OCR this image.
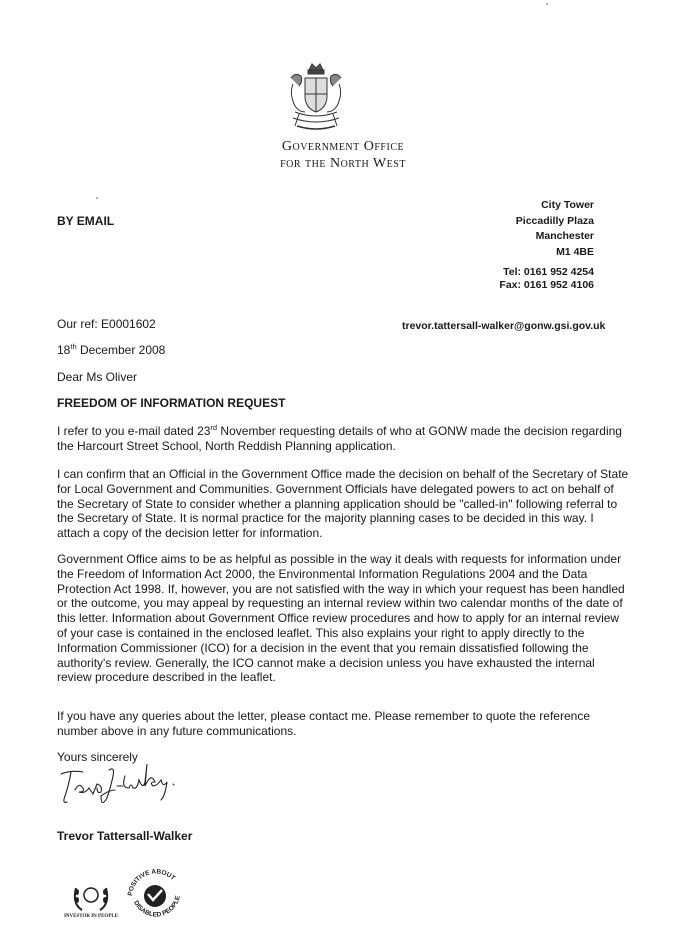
Government Office
for the North West
BY EMAIL
City Tower
Piccadilly Plaza
Manchester
M1 4BE
Tel: 0161 952 4254
Fax: 0161 952 4106
Our ref: E0001602	trevor.tattersall-walker@gonw.gsi.gov.uk
18th December 2008
Dear Ms Oliver
FREEDOM OF INFORMATION REQUEST
I refer to you e-mail dated 23rd November requesting details of who at GONW made the decision regarding the Harcourt Street School, North Reddish Planning application.
I can confirm that an Official in the Government Office made the decision on behalf of the Secretary of State for Local Government and Communities. Government Officials have delegated powers to act on behalf of the Secretary of State to consider whether a planning application should be "called-in" following referral to the Secretary of State. It is normal practice for the majority planning cases to be decided in this way. I attach a copy of the decision letter for information.
Government Office aims to be as helpful as possible in the way it deals with requests for information under the Freedom of Information Act 2000, the Environmental Information Regulations 2004 and the Data Protection Act 1998. If, however, you are not satisfied with the way in which your request has been handled or the outcome, you may appeal by requesting an internal review within two calendar months of the date of this letter. Information about Government Office review procedures and how to apply for an internal review of your case is contained in the enclosed leaflet. This also explains your right to apply directly to the Information Commissioner (ICO) for a decision in the event that you remain dissatisfied following the authority's review. Generally, the ICO cannot make a decision unless you have exhausted the internal review procedure described in the leaflet.
If you have any queries about the letter, please contact me. Please remember to quote the reference number above in any future communications.
Yours sincerely
Trevor Tattersall-Walker
INVESTOR IN PEOPLE
POSITIVE ABOUT
DISABLED PEOPLE
